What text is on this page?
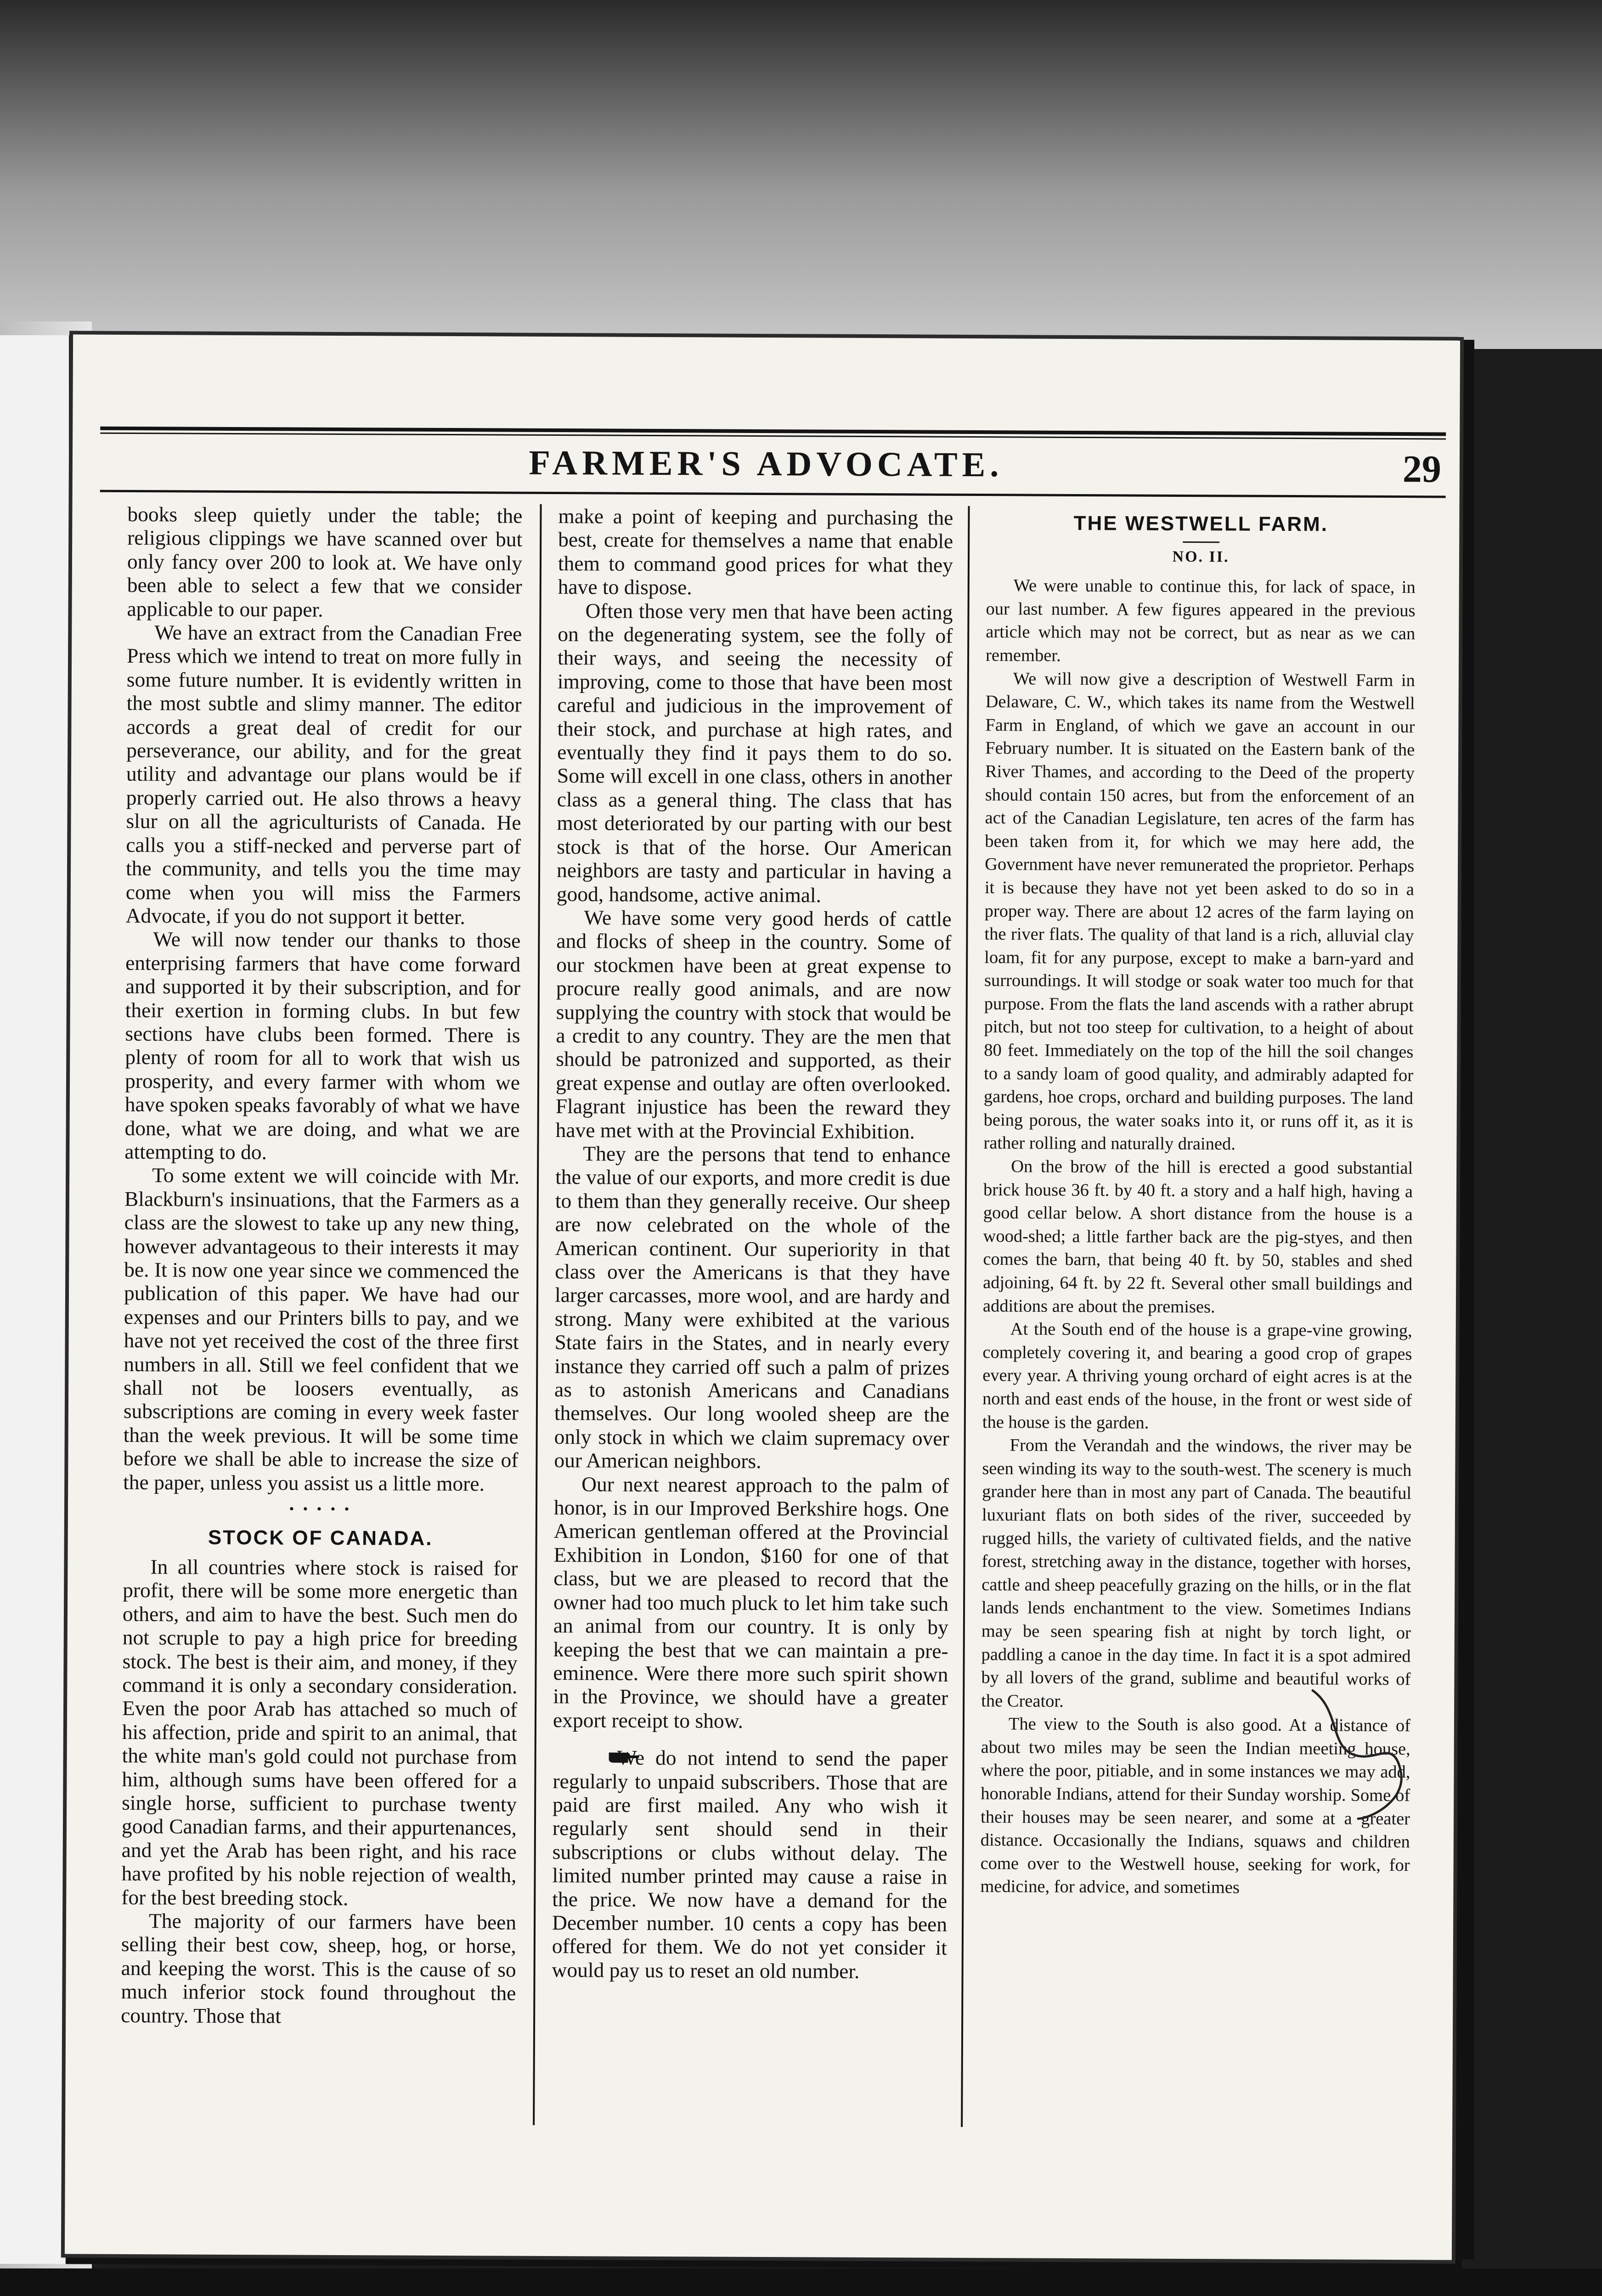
FARMER'S ADVOCATE.	29

books sleep quietly under the table; the religious clippings we have scanned over but only fancy over 200 to look at. We have only been able to select a few that we consider applicable to our paper.

We have an extract from the Canadian Free Press which we intend to treat on more fully in some future number. It is evidently written in the most subtle and slimy manner. The editor accords a great deal of credit for our perseverance, our ability, and for the great utility and advantage our plans would be if properly carried out. He also throws a heavy slur on all the agriculturists of Canada. He calls you a stiff-necked and perverse part of the community, and tells you the time may come when you will miss the Farmers Advocate, if you do not support it better.

We will now tender our thanks to those enterprising farmers that have come forward and supported it by their subscription, and for their exertion in forming clubs. In but few sections have clubs been formed. There is plenty of room for all to work that wish us prosperity, and every farmer with whom we have spoken speaks favorably of what we have done, what we are doing, and what we are attempting to do.

To some extent we will coincide with Mr. Blackburn's insinuations, that the Farmers as a class are the slowest to take up any new thing, however advantageous to their interests it may be. It is now one year since we commenced the publication of this paper. We have had our expenses and our Printers bills to pay, and we have not yet received the cost of the three first numbers in all. Still we feel confident that we shall not be loosers eventually, as subscriptions are coming in every week faster than the week previous. It will be some time before we shall be able to increase the size of the paper, unless you assist us a little more.

• • • • •
STOCK OF CANADA.

In all countries where stock is raised for profit, there will be some more energetic than others, and aim to have the best. Such men do not scruple to pay a high price for breeding stock. The best is their aim, and money, if they command it is only a secondary consideration. Even the poor Arab has attached so much of his affection, pride and spirit to an animal, that the white man's gold could not purchase from him, although sums have been offered for a single horse, sufficient to purchase twenty good Canadian farms, and their appurtenances, and yet the Arab has been right, and his race have profited by his noble rejection of wealth, for the best breeding stock.

The majority of our farmers have been selling their best cow, sheep, hog, or horse, and keeping the worst. This is the cause of so much inferior stock found throughout the country. Those that

make a point of keeping and purchasing the best, create for themselves a name that enable them to command good prices for what they have to dispose.

Often those very men that have been acting on the degenerating system, see the folly of their ways, and seeing the necessity of improving, come to those that have been most careful and judicious in the improvement of their stock, and purchase at high rates, and eventually they find it pays them to do so. Some will excell in one class, others in another class as a general thing. The class that has most deteriorated by our parting with our best stock is that of the horse. Our American neighbors are tasty and particular in having a good, handsome, active animal.

We have some very good herds of cattle and flocks of sheep in the country. Some of our stockmen have been at great expense to procure really good animals, and are now supplying the country with stock that would be a credit to any country. They are the men that should be patronized and supported, as their great expense and outlay are often overlooked. Flagrant injustice has been the reward they have met with at the Provincial Exhibition.

They are the persons that tend to enhance the value of our exports, and more credit is due to them than they generally receive. Our sheep are now celebrated on the whole of the American continent. Our superiority in that class over the Americans is that they have larger carcasses, more wool, and are hardy and strong. Many were exhibited at the various State fairs in the States, and in nearly every instance they carried off such a palm of prizes as to astonish Americans and Canadians themselves. Our long wooled sheep are the only stock in which we claim supremacy over our American neighbors.

Our next nearest approach to the palm of honor, is in our Improved Berkshire hogs. One American gentleman offered at the Provincial Exhibition in London, $160 for one of that class, but we are pleased to record that the owner had too much pluck to let him take such an animal from our country. It is only by keeping the best that we can maintain a pre-eminence. Were there more such spirit shown in the Province, we should have a greater export receipt to show.

We do not intend to send the paper regularly to unpaid subscribers. Those that are paid are first mailed. Any who wish it regularly sent should send in their subscriptions or clubs without delay. The limited number printed may cause a raise in the price. We now have a demand for the December number. 10 cents a copy has been offered for them. We do not yet consider it would pay us to reset an old number.

THE WESTWELL FARM.
NO. II.

We were unable to continue this, for lack of space, in our last number. A few figures appeared in the previous article which may not be correct, but as near as we can remember.

We will now give a description of Westwell Farm in Delaware, C. W., which takes its name from the Westwell Farm in England, of which we gave an account in our February number. It is situated on the Eastern bank of the River Thames, and according to the Deed of the property should contain 150 acres, but from the enforcement of an act of the Canadian Legislature, ten acres of the farm has been taken from it, for which we may here add, the Government have never remunerated the proprietor. Perhaps it is because they have not yet been asked to do so in a proper way. There are about 12 acres of the farm laying on the river flats. The quality of that land is a rich, alluvial clay loam, fit for any purpose, except to make a barn-yard and surroundings. It will stodge or soak water too much for that purpose. From the flats the land ascends with a rather abrupt pitch, but not too steep for cultivation, to a height of about 80 feet. Immediately on the top of the hill the soil changes to a sandy loam of good quality, and admirably adapted for gardens, hoe crops, orchard and building purposes. The land being porous, the water soaks into it, or runs off it, as it is rather rolling and naturally drained.

On the brow of the hill is erected a good substantial brick house 36 ft. by 40 ft. a story and a half high, having a good cellar below. A short distance from the house is a wood-shed; a little farther back are the pig-styes, and then comes the barn, that being 40 ft. by 50, stables and shed adjoining, 64 ft. by 22 ft. Several other small buildings and additions are about the premises.

At the South end of the house is a grape-vine growing, completely covering it, and bearing a good crop of grapes every year. A thriving young orchard of eight acres is at the north and east ends of the house, in the front or west side of the house is the garden.

From the Verandah and the windows, the river may be seen winding its way to the south-west. The scenery is much grander here than in most any part of Canada. The beautiful luxuriant flats on both sides of the river, succeeded by rugged hills, the variety of cultivated fields, and the native forest, stretching away in the distance, together with horses, cattle and sheep peacefully grazing on the hills, or in the flat lands lends enchantment to the view. Sometimes Indians may be seen spearing fish at night by torch light, or paddling a canoe in the day time. In fact it is a spot admired by all lovers of the grand, sublime and beautiful works of the Creator.

The view to the South is also good. At a distance of about two miles may be seen the Indian meeting house, where the poor, pitiable, and in some instances we may add, honorable Indians, attend for their Sunday worship. Some of their houses may be seen nearer, and some at a greater distance. Occasionally the Indians, squaws and children come over to the Westwell house, seeking for work, for medicine, for advice, and sometimes
